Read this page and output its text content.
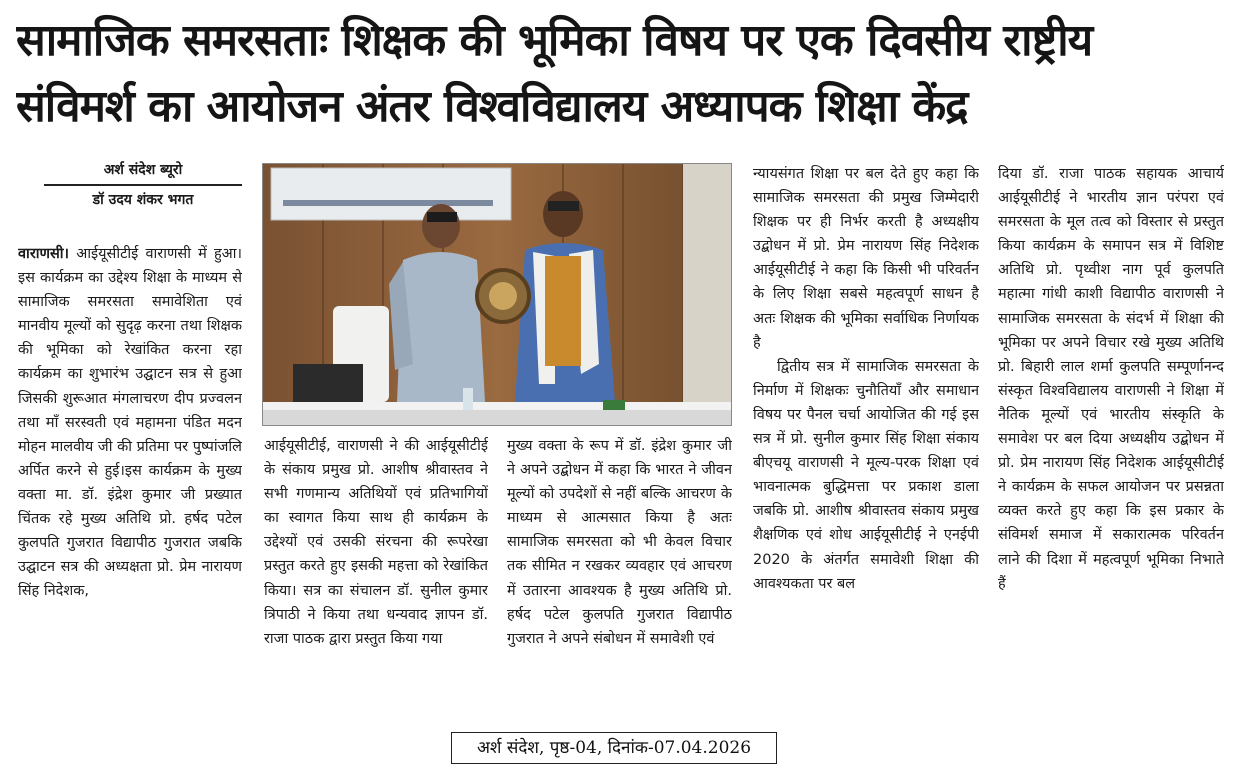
सामाजिक समरसताः शिक्षक की भूमिका विषय पर एक दिवसीय राष्ट्रीय
संविमर्श का आयोजन अंतर विश्वविद्यालय अध्यापक शिक्षा केंद्र
अर्श संदेश ब्यूरो
डॉ उदय शंकर भगत

वाराणसी। आईयूसीटीई वाराणसी में हुआ। इस कार्यक्रम का उद्देश्य शिक्षा के माध्यम से सामाजिक समरसता समावेशिता एवं मानवीय मूल्यों को सुदृढ़ करना तथा शिक्षक की भूमिका को रेखांकित करना रहा कार्यक्रम का शुभारंभ उद्घाटन सत्र से हुआ जिसकी शुरूआत मंगलाचरण दीप प्रज्वलन तथा माँ सरस्वती एवं महामना पंडित मदन मोहन मालवीय जी की प्रतिमा पर पुष्पांजलि अर्पित करने से हुई।इस कार्यक्रम के मुख्य वक्ता मा. डॉ. इंद्रेश कुमार जी प्रख्यात चिंतक रहे मुख्य अतिथि प्रो. हर्षद पटेल कुलपति गुजरात विद्यापीठ गुजरात जबकि उद्घाटन सत्र की अध्यक्षता प्रो. प्रेम नारायण सिंह निदेशक,

आईयूसीटीई, वाराणसी ने की आईयूसीटीई के संकाय प्रमुख प्रो. आशीष श्रीवास्तव ने सभी गणमान्य अतिथियों एवं प्रतिभागियों का स्वागत किया साथ ही कार्यक्रम के उद्देश्यों एवं उसकी संरचना की रूपरेखा प्रस्तुत करते हुए इसकी महत्ता को रेखांकित किया। सत्र का संचालन डॉ. सुनील कुमार त्रिपाठी ने किया तथा धन्यवाद ज्ञापन डॉ. राजा पाठक द्वारा प्रस्तुत किया गया

मुख्य वक्ता के रूप में डॉ. इंद्रेश कुमार जी ने अपने उद्बोधन में कहा कि भारत ने जीवन मूल्यों को उपदेशों से नहीं बल्कि आचरण के माध्यम से आत्मसात किया है अतः सामाजिक समरसता को भी केवल विचार तक सीमित न रखकर व्यवहार एवं आचरण में उतारना आवश्यक है मुख्य अतिथि प्रो. हर्षद पटेल कुलपति गुजरात विद्यापीठ गुजरात ने अपने संबोधन में समावेशी एवं

न्यायसंगत शिक्षा पर बल देते हुए कहा कि सामाजिक समरसता की प्रमुख जिम्मेदारी शिक्षक पर ही निर्भर करती है अध्यक्षीय उद्बोधन में प्रो. प्रेम नारायण सिंह निदेशक आईयूसीटीई ने कहा कि किसी भी परिवर्तन के लिए शिक्षा सबसे महत्वपूर्ण साधन है अतः शिक्षक की भूमिका सर्वाधिक निर्णायक है

द्वितीय सत्र में सामाजिक समरसता के निर्माण में शिक्षकः चुनौतियाँ और समाधान विषय पर पैनल चर्चा आयोजित की गई इस सत्र में प्रो. सुनील कुमार सिंह शिक्षा संकाय बीएचयू वाराणसी ने मूल्य-परक शिक्षा एवं भावनात्मक बुद्धिमत्ता पर प्रकाश डाला जबकि प्रो. आशीष श्रीवास्तव संकाय प्रमुख शैक्षणिक एवं शोध आईयूसीटीई ने एनईपी 2020 के अंतर्गत समावेशी शिक्षा की आवश्यकता पर बल

दिया डॉ. राजा पाठक सहायक आचार्य आईयूसीटीई ने भारतीय ज्ञान परंपरा एवं समरसता के मूल तत्व को विस्तार से प्रस्तुत किया कार्यक्रम के समापन सत्र में विशिष्ट अतिथि प्रो. पृथ्वीश नाग पूर्व कुलपति महात्मा गांधी काशी विद्यापीठ वाराणसी ने सामाजिक समरसता के संदर्भ में शिक्षा की भूमिका पर अपने विचार रखे मुख्य अतिथि प्रो. बिहारी लाल शर्मा कुलपति सम्पूर्णानन्द संस्कृत विश्वविद्यालय वाराणसी ने शिक्षा में नैतिक मूल्यों एवं भारतीय संस्कृति के समावेश पर बल दिया अध्यक्षीय उद्बोधन में प्रो. प्रेम नारायण सिंह निदेशक आईयूसीटीई ने कार्यक्रम के सफल आयोजन पर प्रसन्नता व्यक्त करते हुए कहा कि इस प्रकार के संविमर्श समाज में सकारात्मक परिवर्तन लाने की दिशा में महत्वपूर्ण भूमिका निभाते हैं

अर्श संदेश, पृष्ठ-04, दिनांक-07.04.2026
